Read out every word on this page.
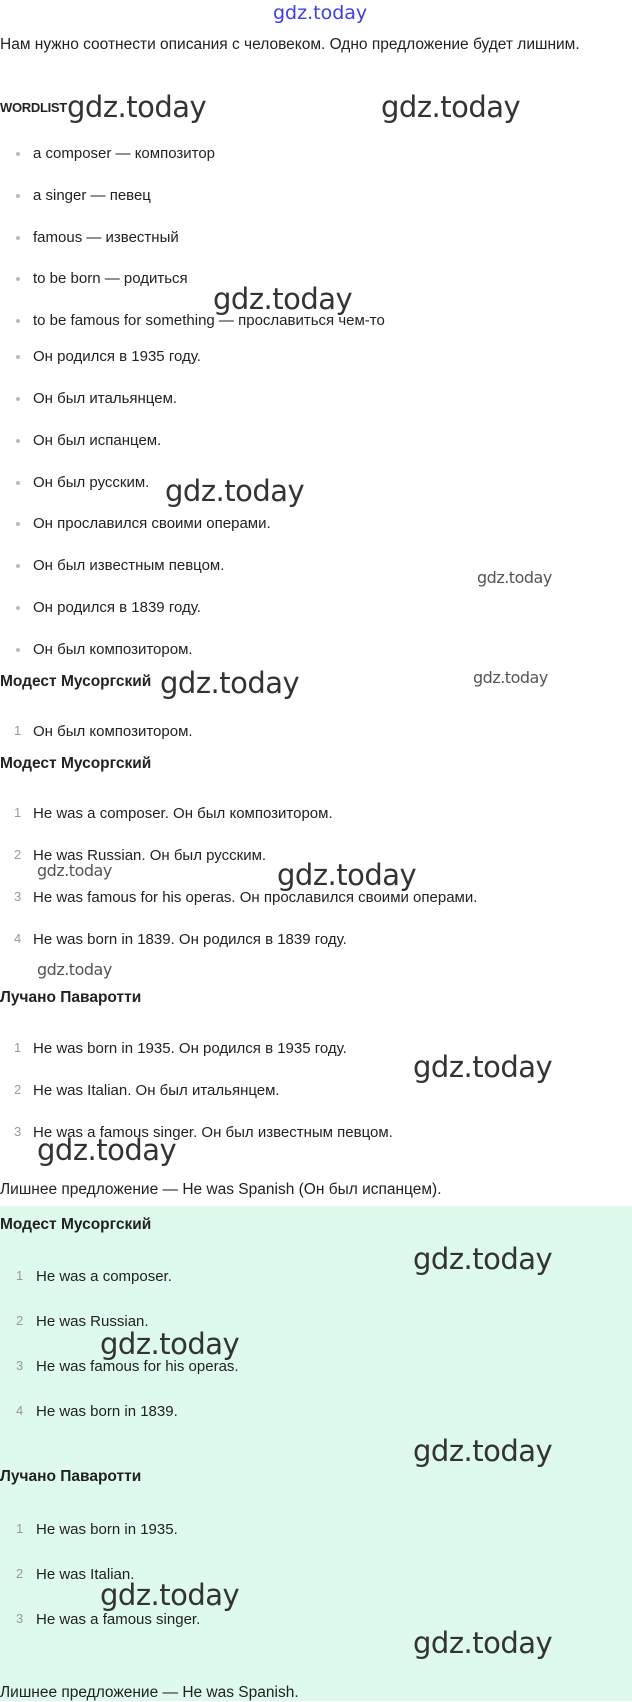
gdz.today
Нам нужно соотнести описания с человеком. Одно предложение будет лишним.
WORDLIST
a composer — композитор
a singer — певец
famous — известный
to be born — родиться
to be famous for something — прославиться чем-то
Он родился в 1935 году.
Он был итальянцем.
Он был испанцем.
Он был русским.
Он прославился своими операми.
Он был известным певцом.
Он родился в 1839 году.
Он был композитором.
Модест Мусоргский
1 Он был композитором.
Модест Мусоргский
1 He was a composer. Он был композитором.
2 He was Russian. Он был русским.
3 He was famous for his operas. Он прославился своими операми.
4 He was born in 1839. Он родился в 1839 году.
Лучано Паваротти
1 He was born in 1935. Он родился в 1935 году.
2 He was Italian. Он был итальянцем.
3 He was a famous singer. Он был известным певцом.
Лишнее предложение — He was Spanish (Он был испанцем).
Модест Мусоргский
1 He was a composer.
2 He was Russian.
3 He was famous for his operas.
4 He was born in 1839.
Лучано Паваротти
1 He was born in 1935.
2 He was Italian.
3 He was a famous singer.
Лишнее предложение — He was Spanish.
gdz.today	gdz.today
gdz.today
gdz.today
gdz.today
gdz.today
gdz.today
gdz.today	gdz.today
gdz.today
gdz.today
gdz.today
gdz.today
gdz.today
gdz.today
gdz.today
gdz.today
